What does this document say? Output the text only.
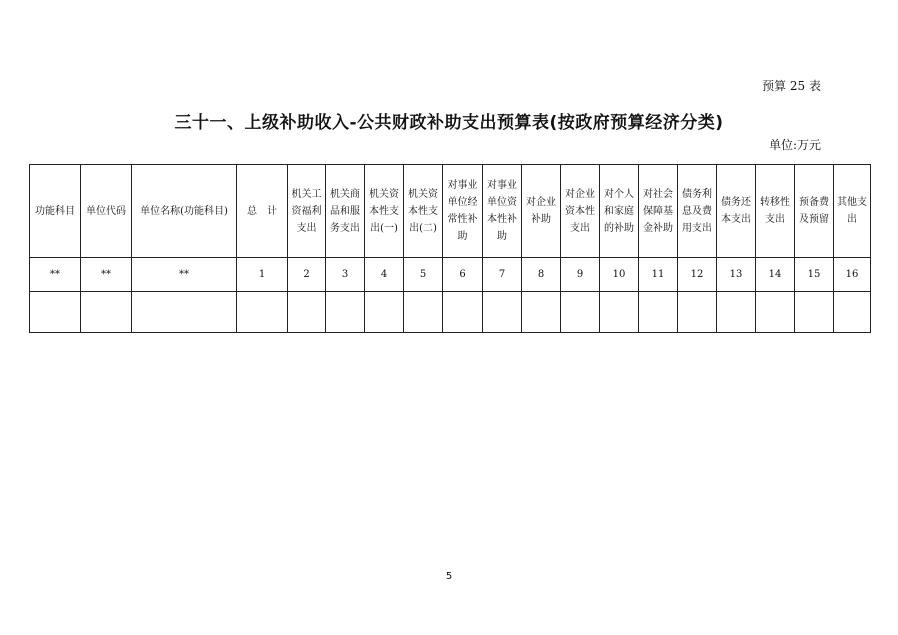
预算 25 表
三十一、上级补助收入-公共财政补助支出预算表(按政府预算经济分类)
单位:万元
功能科目	单位代码	单位名称(功能科目)	总　计	机关工资福利支出	机关商品和服务支出	机关资本性支出(一)	机关资本性支出(二)	对事业单位经常性补助	对事业单位资本性补助	对企业补助	对企业资本性支出	对个人和家庭的补助	对社会保障基金补助	债务利息及费用支出	债务还本支出	转移性支出	预备费及预留	其他支出
**	**	**	1	2	3	4	5	6	7	8	9	10	11	12	13	14	15	16

5
